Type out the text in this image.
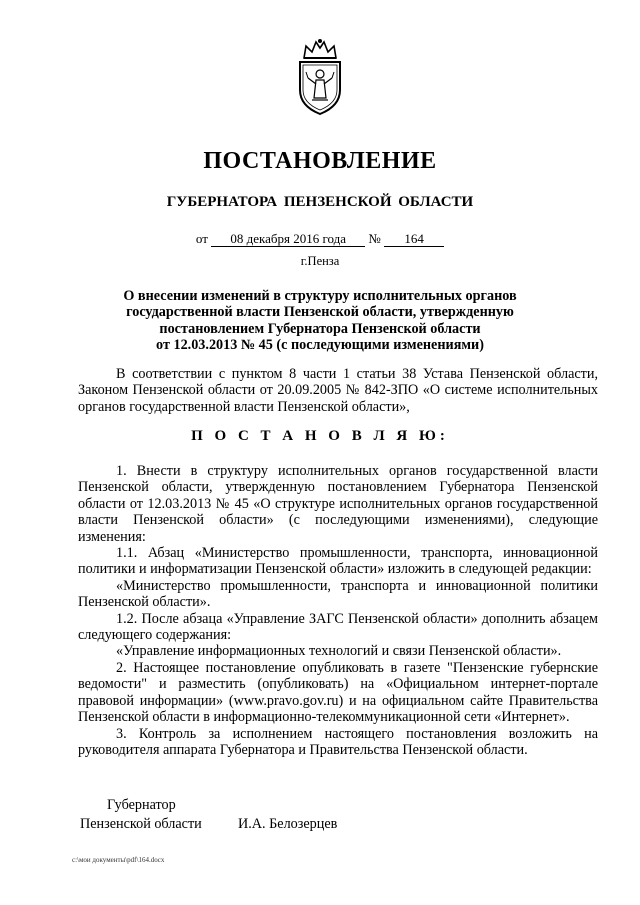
ПОСТАНОВЛЕНИЕ
ГУБЕРНАТОРА ПЕНЗЕНСКОЙ ОБЛАСТИ
от 08 декабря 2016 года № 164
г.Пенза
О внесении изменений в структуру исполнительных органов
государственной власти Пензенской области, утвержденную
постановлением Губернатора Пензенской области
от 12.03.2013 № 45 (с последующими изменениями)

В соответствии с пунктом 8 части 1 статьи 38 Устава Пензенской области, Законом Пензенской области от 20.09.2005 № 842-ЗПО «О системе исполнительных органов государственной власти Пензенской области»,

П О С Т А Н О В Л Я Ю:

1. Внести в структуру исполнительных органов государственной власти Пензенской области, утвержденную постановлением Губернатора Пензенской области от 12.03.2013 № 45 «О структуре исполнительных органов государственной власти Пензенской области» (с последующими изменениями), следующие изменения:

1.1. Абзац «Министерство промышленности, транспорта, инновационной политики и информатизации Пензенской области» изложить в следующей редакции:

«Министерство промышленности, транспорта и инновационной политики Пензенской области».

1.2. После абзаца «Управление ЗАГС Пензенской области» дополнить абзацем следующего содержания:

«Управление информационных технологий и связи Пензенской области».

2. Настоящее постановление опубликовать в газете "Пензенские губернские ведомости" и разместить (опубликовать) на «Официальном интернет-портале правовой информации» (www.pravo.gov.ru) и на официальном сайте Правительства Пензенской области в информационно-телекоммуникационной сети «Интернет».

3. Контроль за исполнением настоящего постановления возложить на руководителя аппарата Губернатора и Правительства Пензенской области.

Губернатор
Пензенской области	И.А. Белозерцев
c:\мои документы\pdf\164.docx
